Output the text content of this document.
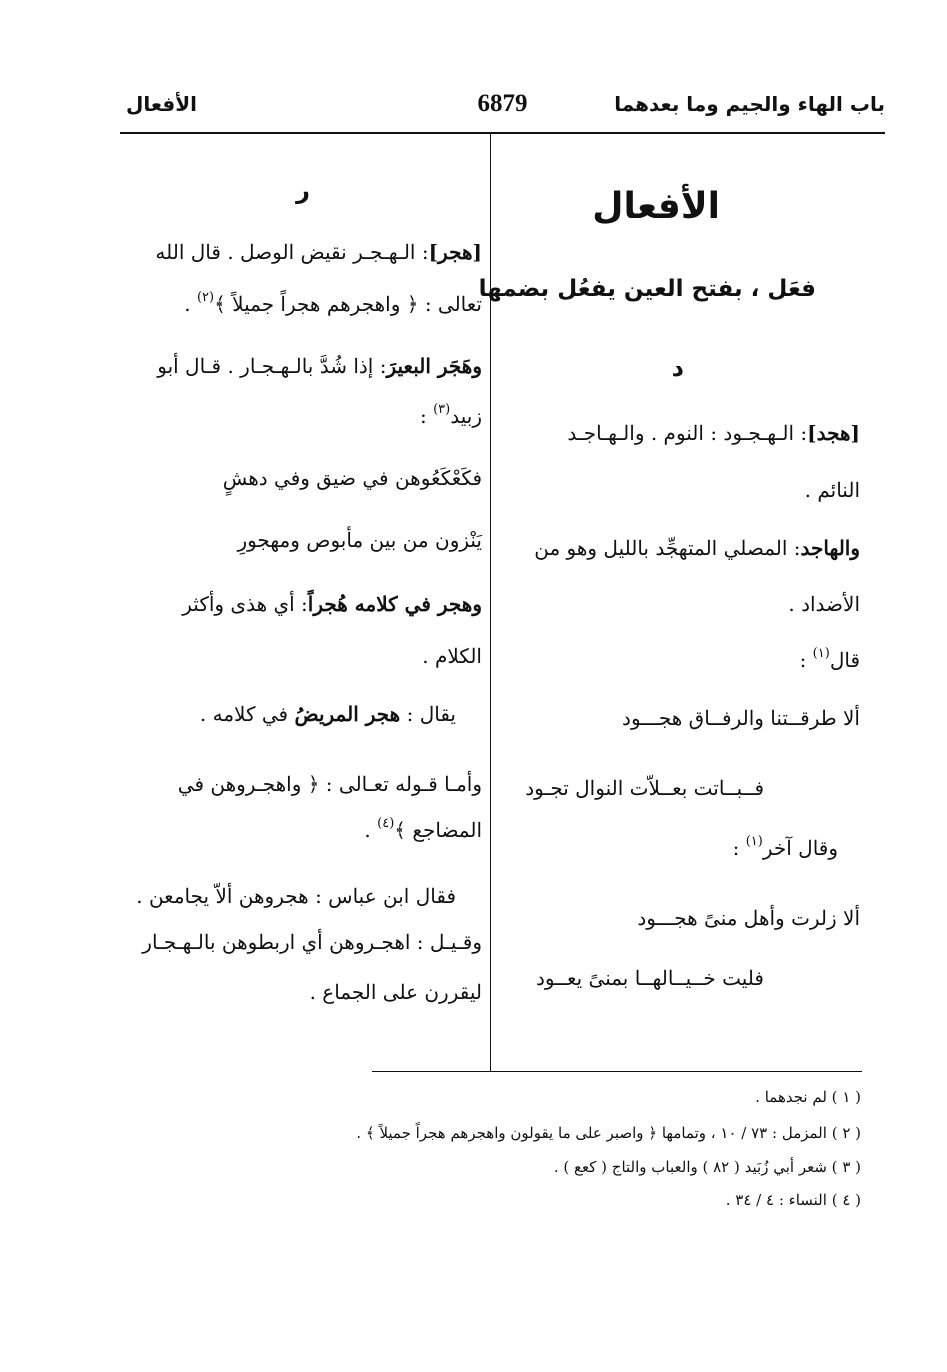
باب الهاء والجيم وما بعدهما
6879
الأفعال
الأفعال
فعَل ، بفتح العين يفعُل بضمها
د
[هجد]: الـهـجـود : النوم . والـهـاجـد
النائم .
والهاجد: المصلي المتهجِّد بالليل وهو من
الأضداد .
قال$^{(١)}$ :
ألا طرقــتنا والرفــاق هجـــود
فــبــاتت بعــلاّت النوال تجـود
وقال آخر$^{(١)}$ :
ألا زلرت وأهل منىً هجـــود
فليت خــيــالهــا بمنىً يعــود
ر
[هجر]: الـهـجـر نقيض الوصل . قال الله
تعالى : ﴿ واهجرهم هجراً جميلاً ﴾$^{(٢)}$ .
وهَجَر البعيرَ: إذا شُدَّ بالـهـجـار . قـال أبو
زبيد$^{(٣)}$ :
فكَعْكَعُوهن في ضيق وفي دهشٍ
يَنْزون من بين مأبوص ومهجورِ
وهجر في كلامه هُجراً: أي هذى وأكثر
الكلام .
يقال : هجر المريضُ في كلامه .
وأمـا قـوله تعـالى : ﴿ واهجـروهن في
المضاجع ﴾$^{(٤)}$ .
فقال ابن عباس : هجروهن ألاّ يجامعن .
وقـيـل : اهجـروهن أي اربطوهن بالـهـجـار
ليقررن على الجماع .
( ١ ) لم نجدهما .
( ٢ ) المزمل : ٧٣ / ١٠ ، وتمامها ﴿ واصبر على ما يقولون واهجرهم هجراً جميلاً ﴾ .
( ٣ ) شعر أبي زُبَيد ( ٨٢ ) والعباب والتاج ( كعع ) .
( ٤ ) النساء : ٤ / ٣٤ .
